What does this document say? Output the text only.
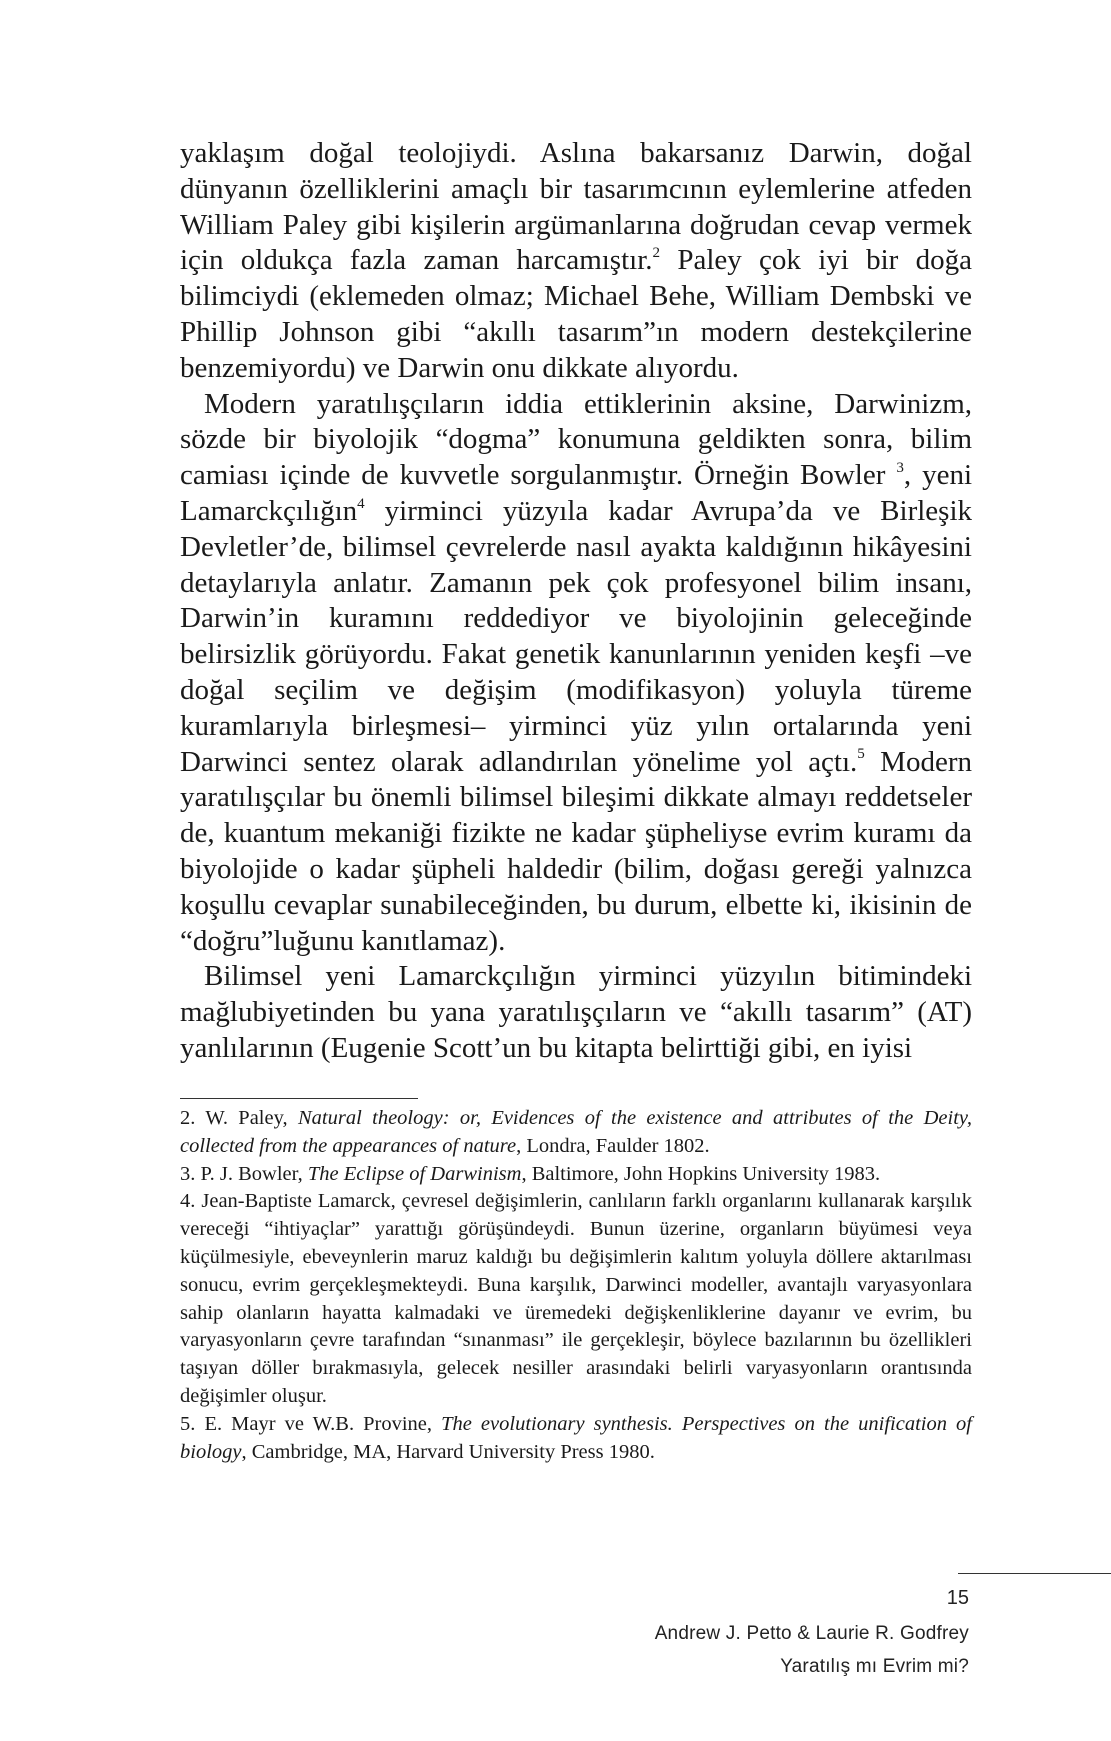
yaklaşım doğal teolojiydi. Aslına bakarsanız Darwin, doğal dünyanın özelliklerini amaçlı bir tasarımcının eylemlerine atfeden William Paley gibi kişilerin argümanlarına doğrudan cevap vermek için oldukça fazla zaman harcamıştır.$^2$ Paley çok iyi bir doğa bilimciydi (eklemeden olmaz; Michael Behe, William Dembski ve Phillip Johnson gibi “akıllı tasarım”ın modern destekçilerine benzemiyordu) ve Darwin onu dikkate alıyordu.

Modern yaratılışçıların iddia ettiklerinin aksine, Darwinizm, sözde bir biyolojik “dogma” konumuna geldikten sonra, bilim camiası içinde de kuvvetle sorgulanmıştır. Örneğin Bowler $^3$, yeni Lamarckçılığın$^4$ yirminci yüzyıla kadar Avrupa’da ve Birleşik Devletler’de, bilimsel çevrelerde nasıl ayakta kaldığının hikâyesini detaylarıyla anlatır. Zamanın pek çok profesyonel bilim insanı, Darwin’in kuramını reddediyor ve biyolojinin geleceğinde belirsizlik görüyordu. Fakat genetik kanunlarının yeniden keşfi –ve doğal seçilim ve değişim (modifikasyon) yoluyla türeme kuramlarıyla birleşmesi– yirminci yüz yılın ortalarında yeni Darwinci sentez olarak adlandırılan yönelime yol açtı.$^5$ Modern yaratılışçılar bu önemli bilimsel bileşimi dikkate almayı reddetseler de, kuantum mekaniği fizikte ne kadar şüpheliyse evrim kuramı da biyolojide o kadar şüpheli haldedir (bilim, doğası gereği yalnızca koşullu cevaplar sunabileceğinden, bu durum, elbette ki, ikisinin de “doğru”luğunu kanıtlamaz).

Bilimsel yeni Lamarckçılığın yirminci yüzyılın bitimindeki mağlubiyetinden bu yana yaratılışçıların ve “akıllı tasarım” (AT) yanlılarının (Eugenie Scott’un bu kitapta belirttiği gibi, en iyisi

2. W. Paley, Natural theology: or, Evidences of the existence and attributes of the Deity, collected from the appearances of nature, Londra, Faulder 1802.

3. P. J. Bowler, The Eclipse of Darwinism, Baltimore, John Hopkins University 1983.

4. Jean-Baptiste Lamarck, çevresel değişimlerin, canlıların farklı organlarını kullanarak karşılık vereceği “ihtiyaçlar” yarattığı görüşündeydi. Bunun üzerine, organların büyümesi veya küçülmesiyle, ebeveynlerin maruz kaldığı bu değişimlerin kalıtım yoluyla döllere aktarılması sonucu, evrim gerçekleşmekteydi. Buna karşılık, Darwinci modeller, avantajlı varyasyonlara sahip olanların hayatta kalmadaki ve üremedeki değişkenliklerine dayanır ve evrim, bu varyasyonların çevre tarafından “sınanması” ile gerçekleşir, böylece bazılarının bu özellikleri taşıyan döller bırakmasıyla, gelecek nesiller arasındaki belirli varyasyonların orantısında değişimler oluşur.

5. E. Mayr ve W.B. Provine, The evolutionary synthesis. Perspectives on the unification of biology, Cambridge, MA, Harvard University Press 1980.

15
Andrew J. Petto & Laurie R. Godfrey
Yaratılış mı Evrim mi?
